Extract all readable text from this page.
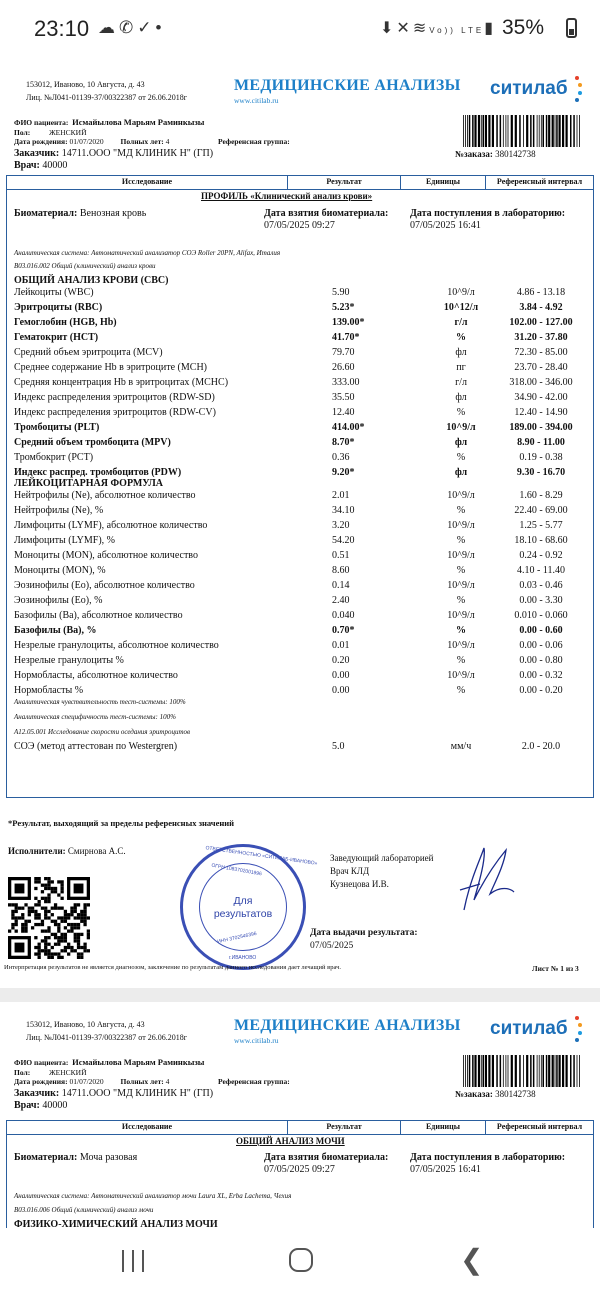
23:10 ☁✆✓•	⬇✕≋Vo)) LTE▮ 35%
153012, Иваново, 10 Августа, д. 43
Лиц. №Л041-01139-37/00322387 от 26.06.2018г
МЕДИЦИНСКИЕ АНАЛИЗЫ
www.citilab.ru
ситилаб
ФИО пациента: Исмайылова Марьям Раминкызы
Пол:	ЖЕНСКИЙ
Дата рождения: 01/07/2020 Полных лет: 4	Референсная группа:
Заказчик: 14711.ООО "МД КЛИНИК Н" (ГП)
Врач: 40000
№заказа: 380142738
Исследование	Результат	Единицы	Референсный интервал
ПРОФИЛЬ «Клинический анализ крови»
Биоматериал: Венозная кровь	Дата взятия биоматериала:
07/05/2025 09:27
Дата поступления в лабораторию:
07/05/2025 16:41
Аналитическая система: Автоматический анализатор СОЭ Roller 20PN, Alifax, Италия
B03.016.002 Общий (клинический) анализ крови
ОБЩИЙ АНАЛИЗ КРОВИ (CBC)
Лейкоциты (WBC)	5.90	10^9/л	4.86 - 13.18
Эритроциты (RBC)	5.23*	10^12/л	3.84 - 4.92
Гемоглобин (HGB, Hb)	139.00*	г/л	102.00 - 127.00
Гематокрит (HCT)	41.70*	%	31.20 - 37.80
Средний объем эритроцита (MCV)	79.70	фл	72.30 - 85.00
Среднее содержание Hb в эритроците (MCH)	26.60	пг	23.70 - 28.40
Средняя концентрация Hb в эритроцитах (MCHC)	333.00	г/л	318.00 - 346.00
Индекс распределения эритроцитов (RDW-SD)	35.50	фл	34.90 - 42.00
Индекс распределения эритроцитов (RDW-CV)	12.40	%	12.40 - 14.90
Тромбоциты (PLT)	414.00*	10^9/л	189.00 - 394.00
Средний объем тромбоцита (MPV)	8.70*	фл	8.90 - 11.00
Тромбокрит (PCT)	0.36	%	0.19 - 0.38
Индекс распред. тромбоцитов (PDW)	9.20*	фл	9.30 - 16.70
ЛЕЙКОЦИТАРНАЯ ФОРМУЛА
Нейтрофилы (Ne), абсолютное количество	2.01	10^9/л	1.60 - 8.29
Нейтрофилы (Ne), %	34.10	%	22.40 - 69.00
Лимфоциты (LYMF), абсолютное количество	3.20	10^9/л	1.25 - 5.77
Лимфоциты (LYMF), %	54.20	%	18.10 - 68.60
Моноциты (MON), абсолютное количество	0.51	10^9/л	0.24 - 0.92
Моноциты (MON), %	8.60	%	4.10 - 11.40
Эозинофилы (Eo), абсолютное количество	0.14	10^9/л	0.03 - 0.46
Эозинофилы (Eo), %	2.40	%	0.00 - 3.30
Базофилы (Ba), абсолютное количество	0.040	10^9/л	0.010 - 0.060
Базофилы (Ba), %	0.70*	%	0.00 - 0.60
Незрелые гранулоциты, абсолютное количество	0.01	10^9/л	0.00 - 0.06
Незрелые гранулоциты %	0.20	%	0.00 - 0.80
Нормобласты, абсолютное количество	0.00	10^9/л	0.00 - 0.32
Нормобласты %	0.00	%	0.00 - 0.20
Аналитическая чувствительность тест-системы: 100%
Аналитическая специфичность тест-системы: 100%
A12.05.001 Исследование скорости оседания эритроцитов
СОЭ (метод аттестован по Westergren)	5.0	мм/ч	2.0 - 20.0
*Результат, выходящий за пределы референсных значений
Исполнители: Смирнова А.С.	ОТВЕТСТВЕННОСТЬЮ «СИТИЛАБ-ИВАНОВО»
ОГРН 1083702001996
ИНН 3702546396
г.ИВАНОВО
Для
результатов
Заведующий лабораторией
Врач КЛД
Кузнецова И.В.
Дата выдачи результата:
07/05/2025
Интерпретация результатов не является диагнозом, заключение по результатам данного исследования дает лечащий врач.	Лист № 1 из 3
153012, Иваново, 10 Августа, д. 43
Лиц. №Л041-01139-37/00322387 от 26.06.2018г
МЕДИЦИНСКИЕ АНАЛИЗЫ
www.citilab.ru
ситилаб
ФИО пациента: Исмайылова Марьям Раминкызы
Пол:	ЖЕНСКИЙ
Дата рождения: 01/07/2020 Полных лет: 4	Референсная группа:
Заказчик: 14711.ООО "МД КЛИНИК Н" (ГП)
Врач: 40000
№заказа: 380142738
Исследование	Результат	Единицы	Референсный интервал
ОБЩИЙ АНАЛИЗ МОЧИ
Биоматериал: Моча разовая	Дата взятия биоматериала:
07/05/2025 09:27
Дата поступления в лабораторию:
07/05/2025 16:41
Аналитическая система: Автоматический анализатор мочи Laura XL, Erba Lachema, Чехия
B03.016.006 Общий (клинический) анализ мочи
ФИЗИКО-ХИМИЧЕСКИЙ АНАЛИЗ МОЧИ
❮
